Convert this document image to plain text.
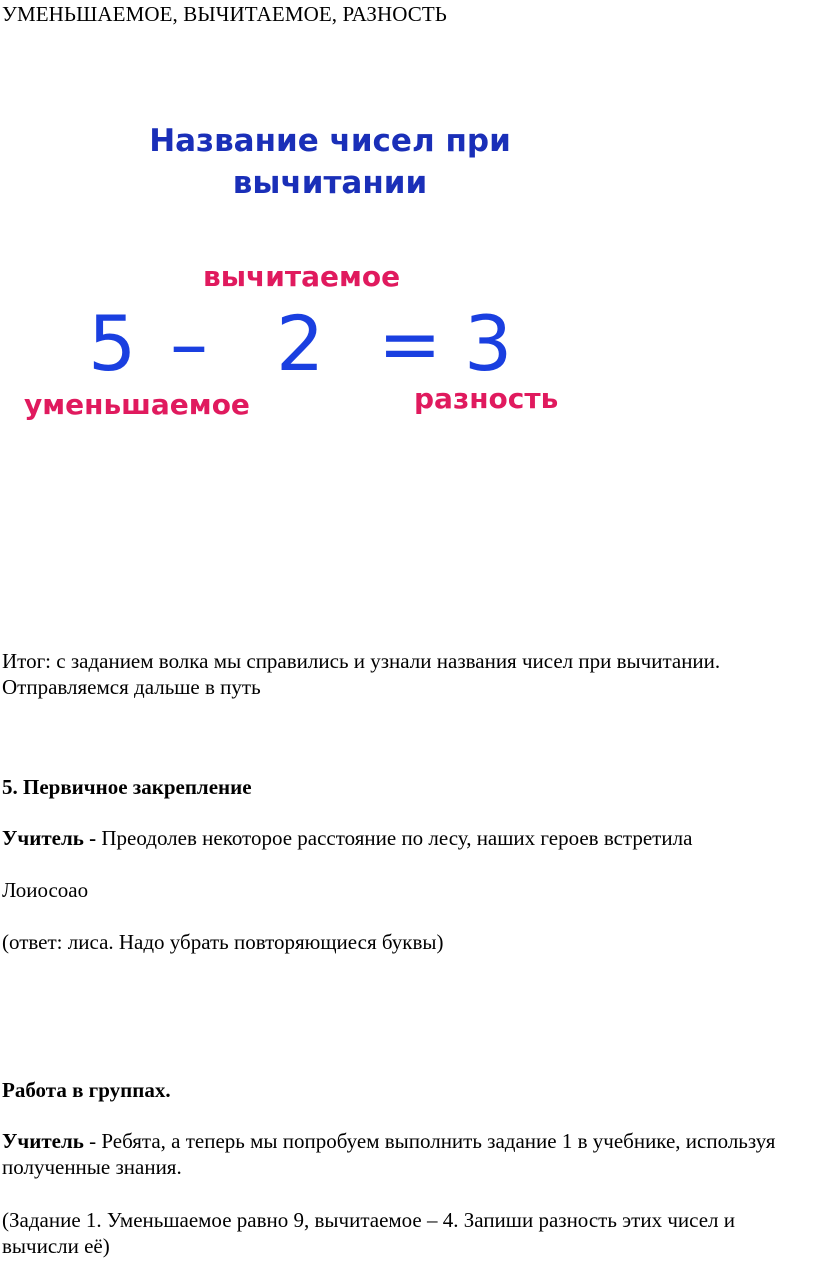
УМЕНЬШАЕМОЕ, ВЫЧИТАЕМОЕ, РАЗНОСТЬ
Название чисел при вычитании
вычитаемое
5 – 2 = 3
уменьшаемое	разность
Итог: с заданием волка мы справились и узнали названия чисел при вычитании. Отправляемся дальше в путь
5. Первичное закрепление
Учитель - Преодолев некоторое расстояние по лесу, наших героев встретила
Лоиосоао
(ответ: лиса. Надо убрать повторяющиеся буквы)
Работа в группах.
Учитель - Ребята, а теперь мы попробуем выполнить задание 1 в учебнике, используя полученные знания.
(Задание 1. Уменьшаемое равно 9, вычитаемое – 4. Запиши разность этих чисел и вычисли её)
